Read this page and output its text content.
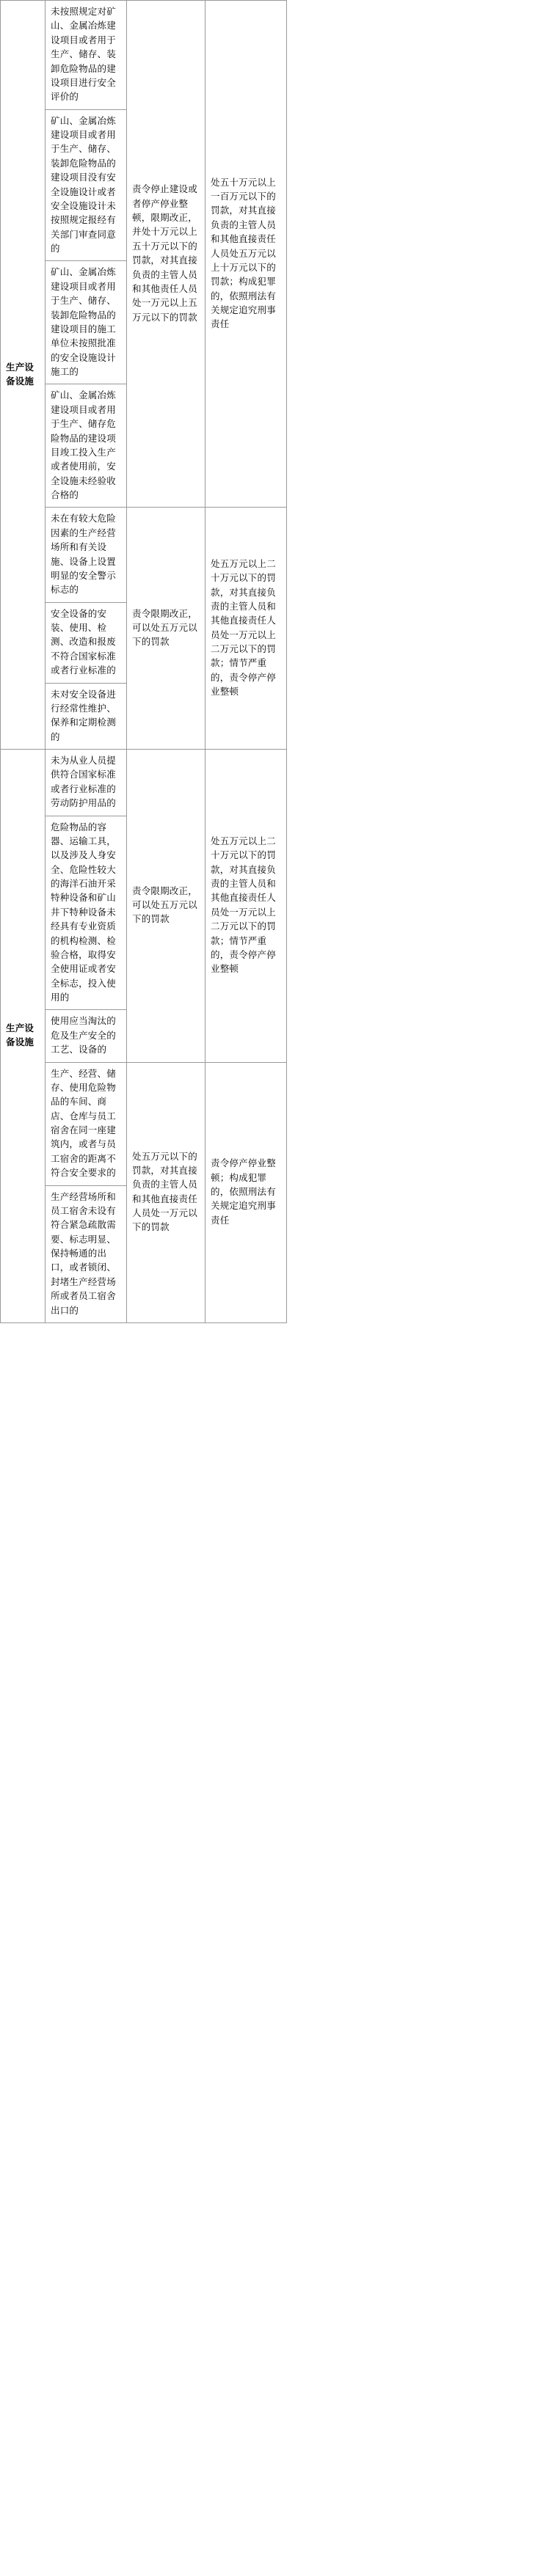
生产设备设施	未按照规定对矿山、金属冶炼建设项目或者用于生产、储存、装卸危险物品的建设项目进行安全评价的	责令停止建设或者停产停业整顿，限期改正，并处十万元以上五十万元以下的罚款，对其直接负责的主管人员和其他责任人员处一万元以上五万元以下的罚款	处五十万元以上一百万元以下的罚款，对其直接负责的主管人员和其他直接责任人员处五万元以上十万元以下的罚款；构成犯罪的，依照刑法有关规定追究刑事责任
	矿山、金属冶炼建设项目或者用于生产、储存、装卸危险物品的建设项目没有安全设施设计或者安全设施设计未按照规定报经有关部门审查同意的		
	矿山、金属冶炼建设项目或者用于生产、储存、装卸危险物品的建设项目的施工单位未按照批准的安全设施设计施工的		
	矿山、金属冶炼建设项目或者用于生产、储存危险物品的建设项目竣工投入生产或者使用前，安全设施未经验收合格的		
	未在有较大危险因素的生产经营场所和有关设施、设备上设置明显的安全警示标志的	责令限期改正，可以处五万元以下的罚款	处五万元以上二十万元以下的罚款，对其直接负责的主管人员和其他直接责任人员处一万元以上二万元以下的罚款；情节严重的，责令停产停业整顿
	安全设备的安装、使用、检测、改造和报废不符合国家标准或者行业标准的		
	未对安全设备进行经常性维护、保养和定期检测的		

生产设备设施	未为从业人员提供符合国家标准或者行业标准的劳动防护用品的	责令限期改正，可以处五万元以下的罚款	处五万元以上二十万元以下的罚款，对其直接负责的主管人员和其他直接责任人员处一万元以上二万元以下的罚款；情节严重的，责令停产停业整顿
	危险物品的容器、运输工具，以及涉及人身安全、危险性较大的海洋石油开采特种设备和矿山井下特种设备未经具有专业资质的机构检测、检验合格，取得安全使用证或者安全标志，投入使用的		
	使用应当淘汰的危及生产安全的工艺、设备的		
	生产、经营、储存、使用危险物品的车间、商店、仓库与员工宿舍在同一座建筑内，或者与员工宿舍的距离不符合安全要求的	处五万元以下的罚款，对其直接负责的主管人员和其他直接责任人员处一万元以下的罚款	责令停产停业整顿；构成犯罪的，依照刑法有关规定追究刑事责任
	生产经营场所和员工宿舍未设有符合紧急疏散需要、标志明显、保持畅通的出口，或者锁闭、封堵生产经营场所或者员工宿舍出口的		
